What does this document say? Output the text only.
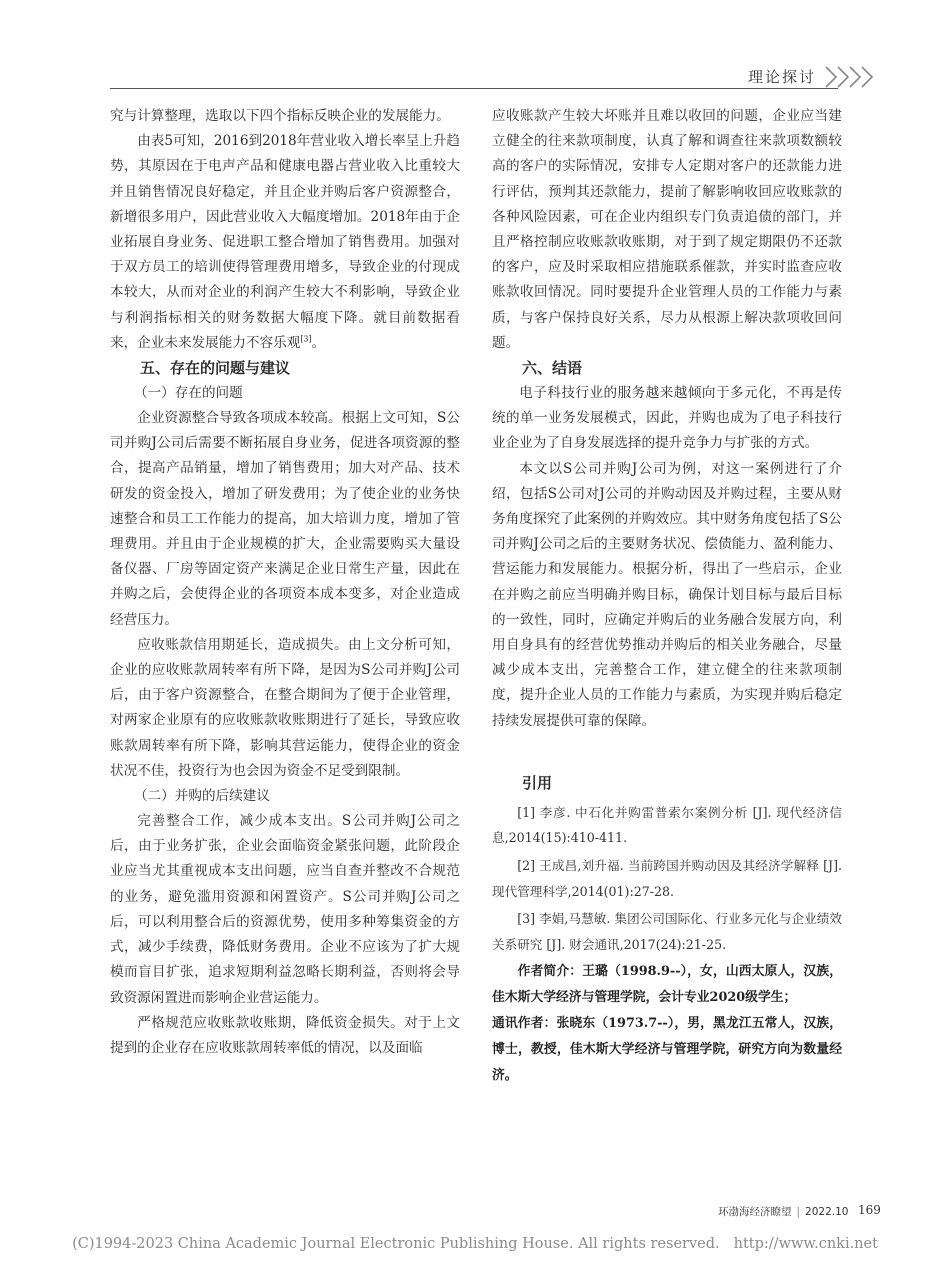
理论探讨

究与计算整理，选取以下四个指标反映企业的发展能力。

由表5可知，2016到2018年营业收入增长率呈上升趋势，其原因在于电声产品和健康电器占营业收入比重较大并且销售情况良好稳定，并且企业并购后客户资源整合，新增很多用户，因此营业收入大幅度增加。2018年由于企业拓展自身业务、促进职工整合增加了销售费用。加强对于双方员工的培训使得管理费用增多，导致企业的付现成本较大，从而对企业的利润产生较大不利影响，导致企业与利润指标相关的财务数据大幅度下降。就目前数据看来，企业未来发展能力不容乐观[3]。

五、存在的问题与建议
（一）存在的问题

企业资源整合导致各项成本较高。根据上文可知，S公司并购J公司后需要不断拓展自身业务，促进各项资源的整合，提高产品销量，增加了销售费用；加大对产品、技术研发的资金投入，增加了研发费用；为了使企业的业务快速整合和员工工作能力的提高，加大培训力度，增加了管理费用。并且由于企业规模的扩大，企业需要购买大量设备仪器、厂房等固定资产来满足企业日常生产量，因此在并购之后，会使得企业的各项资本成本变多，对企业造成经营压力。

应收账款信用期延长，造成损失。由上文分析可知，企业的应收账款周转率有所下降，是因为S公司并购J公司后，由于客户资源整合，在整合期间为了便于企业管理，对两家企业原有的应收账款收账期进行了延长，导致应收账款周转率有所下降，影响其营运能力，使得企业的资金状况不佳，投资行为也会因为资金不足受到限制。

（二）并购的后续建议

完善整合工作，减少成本支出。S公司并购J公司之后，由于业务扩张，企业会面临资金紧张问题，此阶段企业应当尤其重视成本支出问题，应当自查并整改不合规范的业务，避免滥用资源和闲置资产。S公司并购J公司之后，可以利用整合后的资源优势，使用多种筹集资金的方式，减少手续费，降低财务费用。企业不应该为了扩大规模而盲目扩张，追求短期利益忽略长期利益，否则将会导致资源闲置进而影响企业营运能力。

严格规范应收账款收账期，降低资金损失。对于上文提到的企业存在应收账款周转率低的情况，以及面临

应收账款产生较大坏账并且难以收回的问题，企业应当建立健全的往来款项制度，认真了解和调查往来款项数额较高的客户的实际情况，安排专人定期对客户的还款能力进行评估，预判其还款能力，提前了解影响收回应收账款的各种风险因素，可在企业内组织专门负责追债的部门，并且严格控制应收账款收账期，对于到了规定期限仍不还款的客户，应及时采取相应措施联系催款，并实时监查应收账款收回情况。同时要提升企业管理人员的工作能力与素质，与客户保持良好关系，尽力从根源上解决款项收回问题。

六、结语

电子科技行业的服务越来越倾向于多元化，不再是传统的单一业务发展模式，因此，并购也成为了电子科技行业企业为了自身发展选择的提升竞争力与扩张的方式。

本文以S公司并购J公司为例，对这一案例进行了介绍，包括S公司对J公司的并购动因及并购过程，主要从财务角度探究了此案例的并购效应。其中财务角度包括了S公司并购J公司之后的主要财务状况、偿债能力、盈利能力、营运能力和发展能力。根据分析，得出了一些启示，企业在并购之前应当明确并购目标，确保计划目标与最后目标的一致性，同时，应确定并购后的业务融合发展方向，利用自身具有的经营优势推动并购后的相关业务融合，尽量减少成本支出，完善整合工作，建立健全的往来款项制度，提升企业人员的工作能力与素质，为实现并购后稳定持续发展提供可靠的保障。

引用

[1] 李彦. 中石化并购雷普索尔案例分析 [J]. 现代经济信息,2014(15):410-411.

[2] 王成昌,刘升福. 当前跨国并购动因及其经济学解释 [J]. 现代管理科学,2014(01):27-28.

[3] 李娟,马慧敏. 集团公司国际化、行业多元化与企业绩效关系研究 [J]. 财会通讯,2017(24):21-25.

作者简介：王璐（1998.9--），女，山西太原人，汉族，佳木斯大学经济与管理学院，会计专业2020级学生；

通讯作者：张晓东（1973.7--），男，黑龙江五常人，汉族，博士，教授，佳木斯大学经济与管理学院，研究方向为数量经济。

环渤海经济瞭望 | 2022.10 169
(C)1994-2023 China Academic Journal Electronic Publishing House. All rights reserved. http://www.cnki.net
